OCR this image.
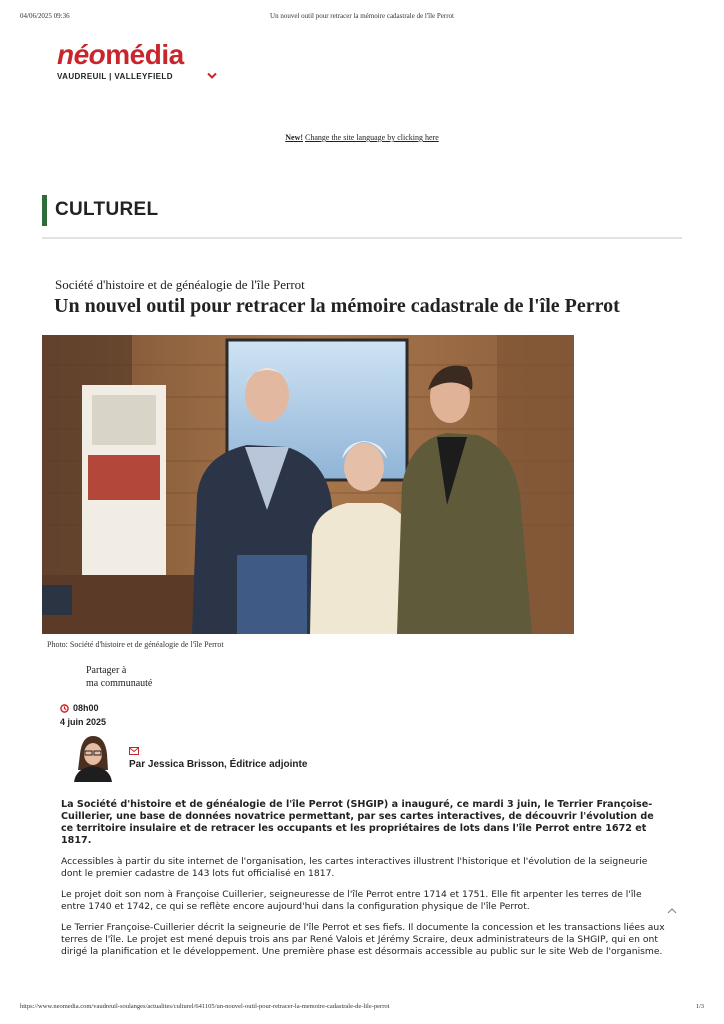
04/06/2025 09:36	Un nouvel outil pour retracer la mémoire cadastrale de l'île Perrot
néomédia
VAUDREUIL | VALLEYFIELD
New! Change the site language by clicking here
CULTUREL
Société d'histoire et de généalogie de l'île Perrot
Un nouvel outil pour retracer la mémoire cadastrale de l'île Perrot
Photo: Société d'histoire et de généalogie de l'île Perrot
Partager à
ma communauté
08h00
4 juin 2025
Par Jessica Brisson, Éditrice adjointe

La Société d'histoire et de généalogie de l'île Perrot (SHGIP) a inauguré, ce mardi 3 juin, le Terrier Françoise-Cuillerier, une base de données novatrice permettant, par ses cartes interactives, de découvrir l'évolution de ce territoire insulaire et de retracer les occupants et les propriétaires de lots dans l'île Perrot entre 1672 et 1817.

Accessibles à partir du site internet de l'organisation, les cartes interactives illustrent l'historique et l'évolution de la seigneurie dont le premier cadastre de 143 lots fut officialisé en 1817.

Le projet doit son nom à Françoise Cuillerier, seigneuresse de l'île Perrot entre 1714 et 1751. Elle fit arpenter les terres de l'île entre 1740 et 1742, ce qui se reflète encore aujourd'hui dans la configuration physique de l'île Perrot.

Le Terrier Françoise-Cuillerier décrit la seigneurie de l'île Perrot et ses fiefs. Il documente la concession et les transactions liées aux terres de l'île. Le projet est mené depuis trois ans par René Valois et Jérémy Scraire, deux administrateurs de la SHGIP, qui en ont dirigé la planification et le développement. Une première phase est désormais accessible au public sur le site Web de l'organisme.

https://www.neomedia.com/vaudreuil-soulanges/actualites/culturel/641105/un-nouvel-outil-pour-retracer-la-memoire-cadastrale-de-lile-perrot	1/3
